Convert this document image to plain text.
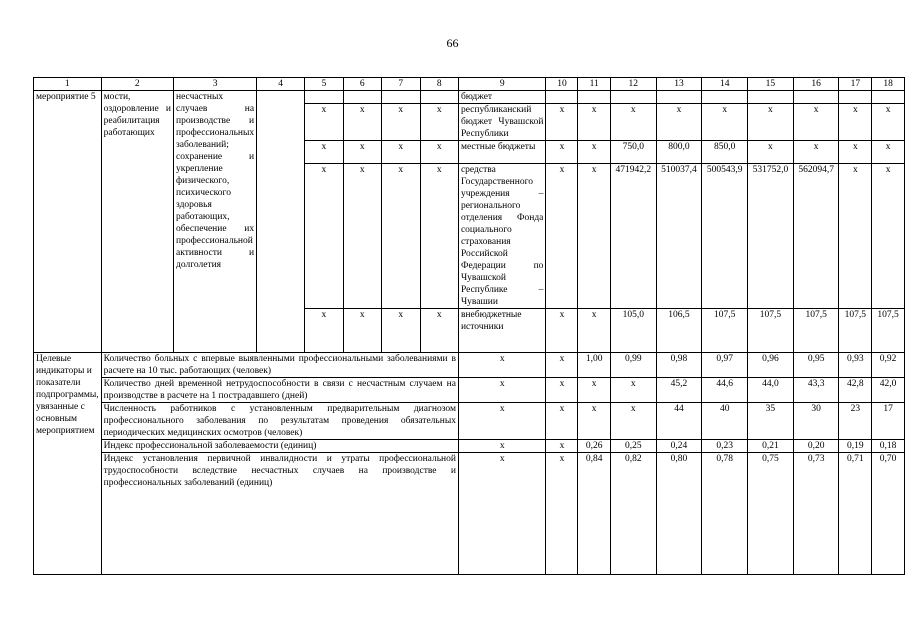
66
1	2	3	4	5	6	7	8	9	10	11	12	13	14	15	16	17	18
мероприятие 5	мости, оздоровление и реабилитация работающих	несчастных случаев на производстве и профессиональных заболеваний; сохранение и укрепление физического, психического здоровья работающих, обеспечение их профессиональной активности и долголетия						бюджет									
				х	х	х	х	республиканский бюджет Чувашской Республики	х	х	х	х	х	х	х	х	х
				х	х	х	х	местные бюджеты	х	х	750,0	800,0	850,0	х	х	х	х
				х	х	х	х	средства Государственного учреждения – регионального отделения Фонда социального страхования Российской Федерации по Чувашской Республике – Чувашии	х	х	471942,2	510037,4	500543,9	531752,0	562094,7	х	х
				х	х	х	х	внебюджетные источники	х	х	105,0	106,5	107,5	107,5	107,5	107,5	107,5
Целевые индикаторы и показатели подпрограммы, увязанные с основным мероприятием	Количество больных с впервые выявленными профессиональными заболеваниями в расчете на 10 тыс. работающих (человек)							х	х	1,00	0,99	0,98	0,97	0,96	0,95	0,93	0,92
	Количество дней временной нетрудоспособности в связи с несчастным случаем на производстве в расчете на 1 пострадавшего (дней)							х	х	х	х	45,2	44,6	44,0	43,3	42,8	42,0
	Численность работников с установленным предварительным диагнозом профессионального заболевания по результатам проведения обязательных периодических медицинских осмотров (человек)							х	х	х	х	44	40	35	30	23	17
	Индекс профессиональной заболеваемости (единиц)							х	х	0,26	0,25	0,24	0,23	0,21	0,20	0,19	0,18
	Индекс установления первичной инвалидности и утраты профессиональной трудоспособности вследствие несчастных случаев на производстве и профессиональных заболеваний (единиц)							х	х	0,84	0,82	0,80	0,78	0,75	0,73	0,71	0,70
